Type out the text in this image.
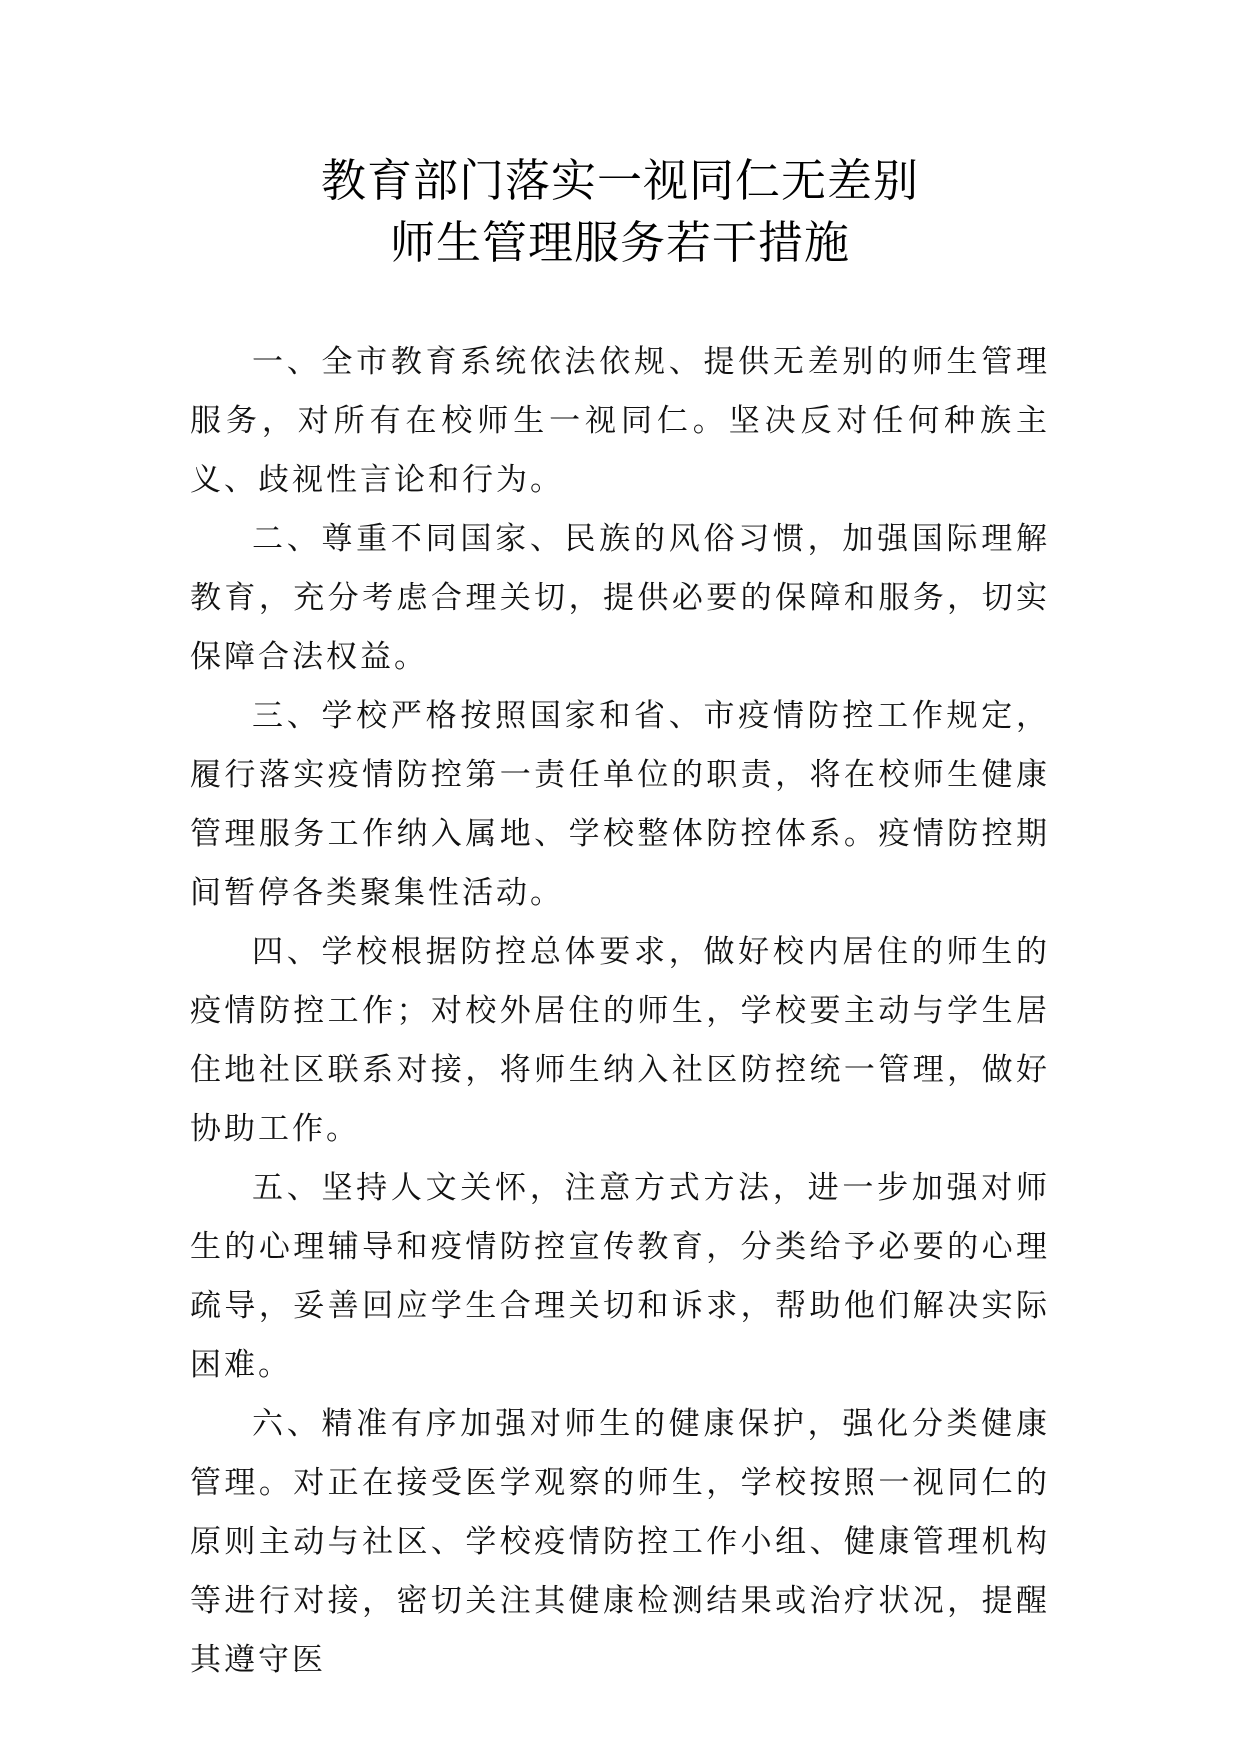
教育部门落实一视同仁无差别
师生管理服务若干措施

一、全市教育系统依法依规、提供无差别的师生管理服务，对所有在校师生一视同仁。坚决反对任何种族主义、歧视性言论和行为。

二、尊重不同国家、民族的风俗习惯，加强国际理解教育，充分考虑合理关切，提供必要的保障和服务，切实保障合法权益。

三、学校严格按照国家和省、市疫情防控工作规定，履行落实疫情防控第一责任单位的职责，将在校师生健康管理服务工作纳入属地、学校整体防控体系。疫情防控期间暂停各类聚集性活动。

四、学校根据防控总体要求，做好校内居住的师生的疫情防控工作；对校外居住的师生，学校要主动与学生居住地社区联系对接，将师生纳入社区防控统一管理，做好协助工作。

五、坚持人文关怀，注意方式方法，进一步加强对师生的心理辅导和疫情防控宣传教育，分类给予必要的心理疏导，妥善回应学生合理关切和诉求，帮助他们解决实际困难。

六、精准有序加强对师生的健康保护，强化分类健康管理。对正在接受医学观察的师生，学校按照一视同仁的原则主动与社区、学校疫情防控工作小组、健康管理机构等进行对接，密切关注其健康检测结果或治疗状况，提醒其遵守医
